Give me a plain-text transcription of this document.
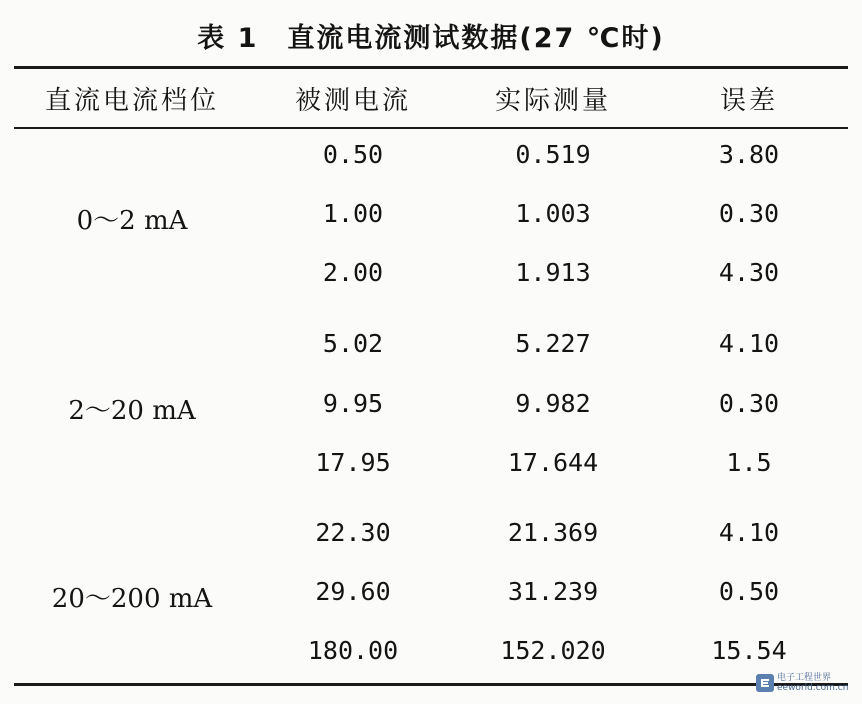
表 1　直流电流测试数据(27 ℃时)
直流电流档位	被测电流	实际测量	误差
0～2 mA
0.50	0.519	3.80
1.00	1.003	0.30
2.00	1.913	4.30
2～20 mA
5.02	5.227	4.10
9.95	9.982	0.30
17.95	17.644	1.5
20～200 mA
22.30	21.369	4.10
29.60	31.239	0.50
180.00	152.020	15.54
电子工程世界
eeworld.com.cn
